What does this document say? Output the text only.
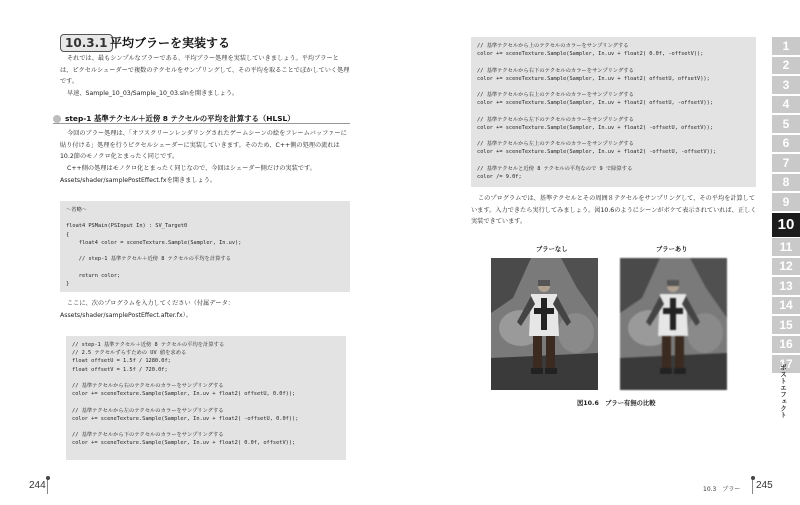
10.3.1 平均ブラーを実装する

それでは、最もシンプルなブラーである、平均ブラー処理を実装していきましょう。平均ブラーとは、ピクセルシェーダーで複数のテクセルをサンプリングして、その平均を取ることでぼかしていく処理です。

早速、Sample_10_03/Sample_10_03.slnを開きましょう。

step-1 基準テクセル＋近傍 8 テクセルの平均を計算する（HLSL）

今回のブラー処理は、「オフスクリーンレンダリングされたゲームシーンの絵をフレームバッファーに貼り付ける」処理を行うピクセルシェーダーに実装していきます。そのため、C++側の処理の流れは10.2節のモノクロ化とまったく同じです。

C++側の処理はモノクロ化とまったく同じなので、今回はシェーダー側だけの実装です。Assets/shader/samplePostEffect.fxを開きましょう。

～省略～
float4 PSMain(PSInput In) : SV_Target0
{
float4 color = sceneTexture.Sample(Sampler, In.uv);
// step-1 基準テクセル＋近傍 8 テクセルの平均を計算する
return color;
}

ここに、次のプログラムを入力してください（付属データ：Assets/shader/samplePostEffect.after.fx）。

// step-1 基準テクセル＋近傍 8 テクセルの平均を計算する
// 2.5 テクセルずらすための UV 値を求める
float offsetU = 1.5f / 1280.0f;
float offsetV = 1.5f / 720.0f;
// 基準テクセルから右のテクセルのカラーをサンプリングする
color += sceneTexture.Sample(Sampler, In.uv + float2( offsetU, 0.0f));
// 基準テクセルから左のテクセルのカラーをサンプリングする
color += sceneTexture.Sample(Sampler, In.uv + float2( -offsetU, 0.0f));
// 基準テクセルから下のテクセルのカラーをサンプリングする
color += sceneTexture.Sample(Sampler, In.uv + float2( 0.0f, offsetV));
244
// 基準テクセルから上のテクセルのカラーをサンプリングする
color += sceneTexture.Sample(Sampler, In.uv + float2( 0.0f, -offsetV));
// 基準テクセルから右下のテクセルのカラーをサンプリングする
color += sceneTexture.Sample(Sampler, In.uv + float2( offsetU, offsetV));
// 基準テクセルから右上のテクセルのカラーをサンプリングする
color += sceneTexture.Sample(Sampler, In.uv + float2( offsetU, -offsetV));
// 基準テクセルから左下のテクセルのカラーをサンプリングする
color += sceneTexture.Sample(Sampler, In.uv + float2( -offsetU, offsetV));
// 基準テクセルから左上のテクセルのカラーをサンプリングする
color += sceneTexture.Sample(Sampler, In.uv + float2( -offsetU, -offsetV));
// 基準テクセルと近傍 8 テクセルの平均なので 9 で除算する
color /= 9.0f;

このプログラムでは、基準テクセルとその周囲８テクセルをサンプリングして、その平均を計算しています。入力できたら実行してみましょう。図10.6のようにシーンがボケて表示されていれば、正しく実装できています。

ブラーなし	ブラーあり
図10.6　ブラー有無の比較
10.3　ブラー 245
1
2
3
4
5
6
7
8
9
10
11
12
13
14
15
16
17
ポストエフェクト
